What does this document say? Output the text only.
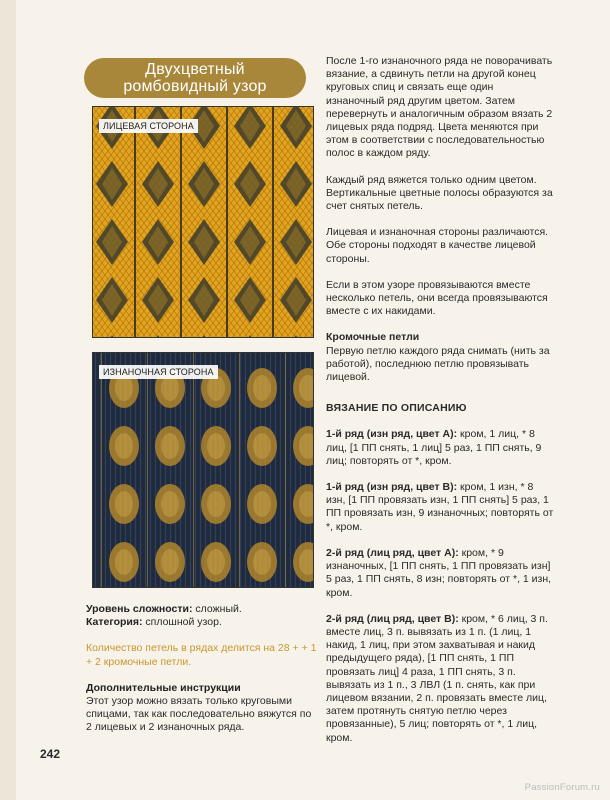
Двухцветный
ромбовидный узор
ЛИЦЕВАЯ СТОРОНА
ИЗНАНОЧНАЯ СТОРОНА

Уровень сложности: сложный.

Категория: сплошной узор.

Количество петель в рядах делится на 28 + + 1 + 2 кромочные петли.

Дополнительные инструкции

Этот узор можно вязать только круговыми спицами, так как последовательно вяжутся по 2 лицевых и 2 изнаночных ряда.

После 1-го изнаночного ряда не поворачивать вязание, а сдвинуть петли на другой конец круговых спиц и связать еще один изнаночный ряд другим цветом. Затем перевернуть и аналогичным образом вязать 2 лицевых ряда подряд. Цвета меняются при этом в соответствии с последовательностью полос в каждом ряду.

Каждый ряд вяжется только одним цветом. Вертикальные цветные полосы образуются за счет снятых петель.

Лицевая и изнаночная стороны различаются. Обе стороны подходят в качестве лицевой стороны.

Если в этом узоре провязываются вместе несколько петель, они всегда провязываются вместе с их накидами.

Кромочные петли

Первую петлю каждого ряда снимать (нить за работой), последнюю петлю провязывать лицевой.

ВЯЗАНИЕ ПО ОПИСАНИЮ

1-й ряд (изн ряд, цвет A): кром, 1 лиц, * 8 лиц, [1 ПП снять, 1 лиц] 5 раз, 1 ПП снять, 9 лиц; повторять от *, кром.

1-й ряд (изн ряд, цвет B): кром, 1 изн, * 8 изн, [1 ПП провязать изн, 1 ПП снять] 5 раз, 1 ПП провязать изн, 9 изнаночных; повторять от *, кром.

2-й ряд (лиц ряд, цвет A): кром, * 9 изнаночных, [1 ПП снять, 1 ПП провязать изн] 5 раз, 1 ПП снять, 8 изн; повторять от *, 1 изн, кром.

2-й ряд (лиц ряд, цвет B): кром, * 6 лиц, 3 п. вместе лиц, 3 п. вывязать из 1 п. (1 лиц, 1 накид, 1 лиц, при этом захватывая и накид предыдущего ряда), [1 ПП снять, 1 ПП провязать лиц] 4 раза, 1 ПП снять, 3 п. вывязать из 1 п., 3 ЛВЛ (1 п. снять, как при лицевом вязании, 2 п. провязать вместе лиц, затем протянуть снятую петлю через провязанные), 5 лиц; повторять от *, 1 лиц, кром.

242
PassionForum.ru
